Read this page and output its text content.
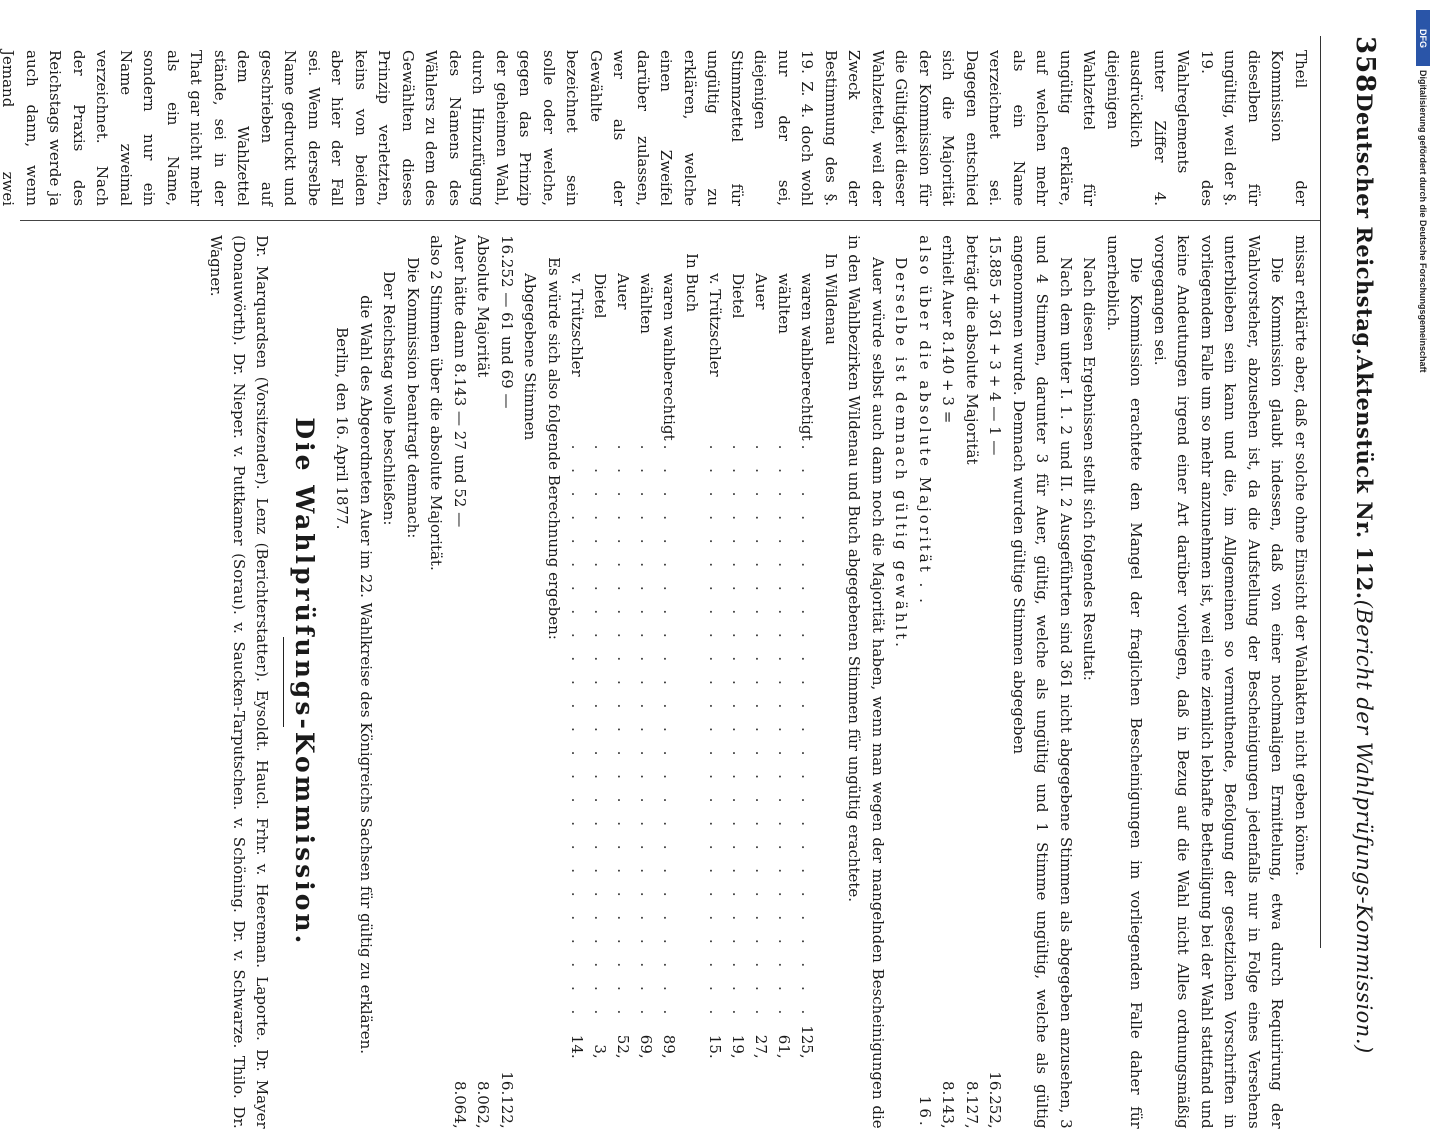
358
Deutscher Reichstag.
Aktenstück Nr. 112.
(Bericht der Wahlprüfungs-Kommission.)

Theil der Kommission dieselben für ungültig, weil der §. 19. des Wahlreglements unter Ziffer 4. ausdrücklich diejenigen Wahlzettel für ungültig erkläre, auf welchen mehr als ein Name verzeichnet sei. Dagegen entschied sich die Majorität der Kommission für die Gültigkeit dieser Wahlzettel, weil der Zweck der Bestimmung des §. 19. Z. 4. doch wohl nur der sei, diejenigen Stimmzettel für ungültig zu erklären, welche einen Zweifel darüber zulassen, wer als der Gewählte bezeichnet sein solle oder welche, gegen das Prinzip der geheimen Wahl, durch Hinzufügung des Namens des Wählers zu dem des Gewählten dieses Prinzip verletzten, keins von beiden aber hier der Fall sei. Wenn derselbe Name gedruckt und geschrieben auf dem Wahlzettel stände, sei in der That gar nicht mehr als ein Name, sondern nur ein Name zweimal verzeichnet. Nach der Praxis des Reichstags werde ja auch dann, wenn Jemand zwei

missar erklärte aber, daß er solche ohne Einsicht der Wahlakten nicht geben könne.

Die Kommission glaubt indessen, daß von einer nochmaligen Ermittelung, etwa durch Requirirung der Wahlvorsteher, abzusehen ist, da die Aufstellung der Bescheinigungen jedenfalls nur in Folge eines Versehens unterblieben sein kann und die, im Allgemeinen so vermuthende, Befolgung der gesetzlichen Vorschriften in vorliegendem Falle um so mehr anzunehmen ist, weil eine ziemlich lebhafte Betheiligung bei der Wahl stattfand und keine Andeutungen irgend einer Art darüber vorliegen, daß in Bezug auf die Wahl nicht Alles ordnungsmäßig vorgegangen sei.

Die Kommission erachtete den Mangel der fraglichen Bescheinigungen im vorliegenden Falle daher für unerheblich.

Nach diesen Ergebnissen stellt sich folgendes Resultat:

Nach dem unter I. 1. 2 und II. 2 Ausgeführten sind 361 nicht abgegebene Stimmen als abgegeben anzusehen, 3 und 4 Stimmen, darunter 3 für Auer, gültig, welche als ungültig und 1 Stimme ungültig, welche als gültig angenommen wurde. Demnach wurden gültige Stimmen abgegeben

15.885 + 361 + 3 + 4 — 1 —
16.252,
beträgt die absolute Majorität
8.127,
erhielt Auer 8.140 + 3 =
8.143,
also über die absolute Majorität . .
16.

Derselbe ist demnach gültig gewählt.

Auer würde selbst auch dann noch die Majorität haben, wenn man wegen der mangelnden Bescheinigungen die in den Wahlbezirken Wildenau und Buch abgegebenen Stimmen für ungültig erachtete.

In Wildenau
waren wahlberechtigt	. . . . . . . . . . . . . . . . . . . . . . . . .	125,
wählten	. . . . . . . . . . . . . . . . . . . . . . . . .	61,
Auer	. . . . . . . . . . . . . . . . . . . . . . . . .	27,
Dietel	. . . . . . . . . . . . . . . . . . . . . . . . .	19,
v. Trützschler	. . . . . . . . . . . . . . . . . . . . . . . . .	15.
In Buch
waren wahlberechtigt	. . . . . . . . . . . . . . . . . . . . . . . . .	89,
wählten	. . . . . . . . . . . . . . . . . . . . . . . . .	69,
Auer	. . . . . . . . . . . . . . . . . . . . . . . . .	52,
Dietel	. . . . . . . . . . . . . . . . . . . . . . . . .	3,
v. Trützschler	. . . . . . . . . . . . . . . . . . . . . . . . .	14.

Es würde sich also folgende Berechnung ergeben:

Abgegebene Stimmen
16.252 — 61 und 69 —
16.122,
Absolute Majorität
8.062,
Auer hätte dann 8.143 — 27 und 52 —
8.064,
also 2 Stimmen über die absolute Majorität.

Die Kommission beantragt demnach:

Der Reichstag wolle beschließen:

die Wahl des Abgeordneten Auer im 22. Wahlkreise des Königreichs Sachsen für gültig zu erklären.

Berlin, den 16. April 1877.

Die Wahlprüfungs-Kommission.
Dr. Marquardsen (Vorsitzender). Lenz (Berichterstatter). Eysoldt. Haucl. Frhr. v. Heereman. Laporte. Dr. Mayer (Donauwörth). Dr. Nieper. v. Puttkamer (Sorau). v. Saucken-Tarputschen. v. Schöning. Dr. v. Schwarze. Thilo. Dr. Wagner.
DFG
Digitalisierung gefördert durch die Deutsche Forschungsgemeinschaft
